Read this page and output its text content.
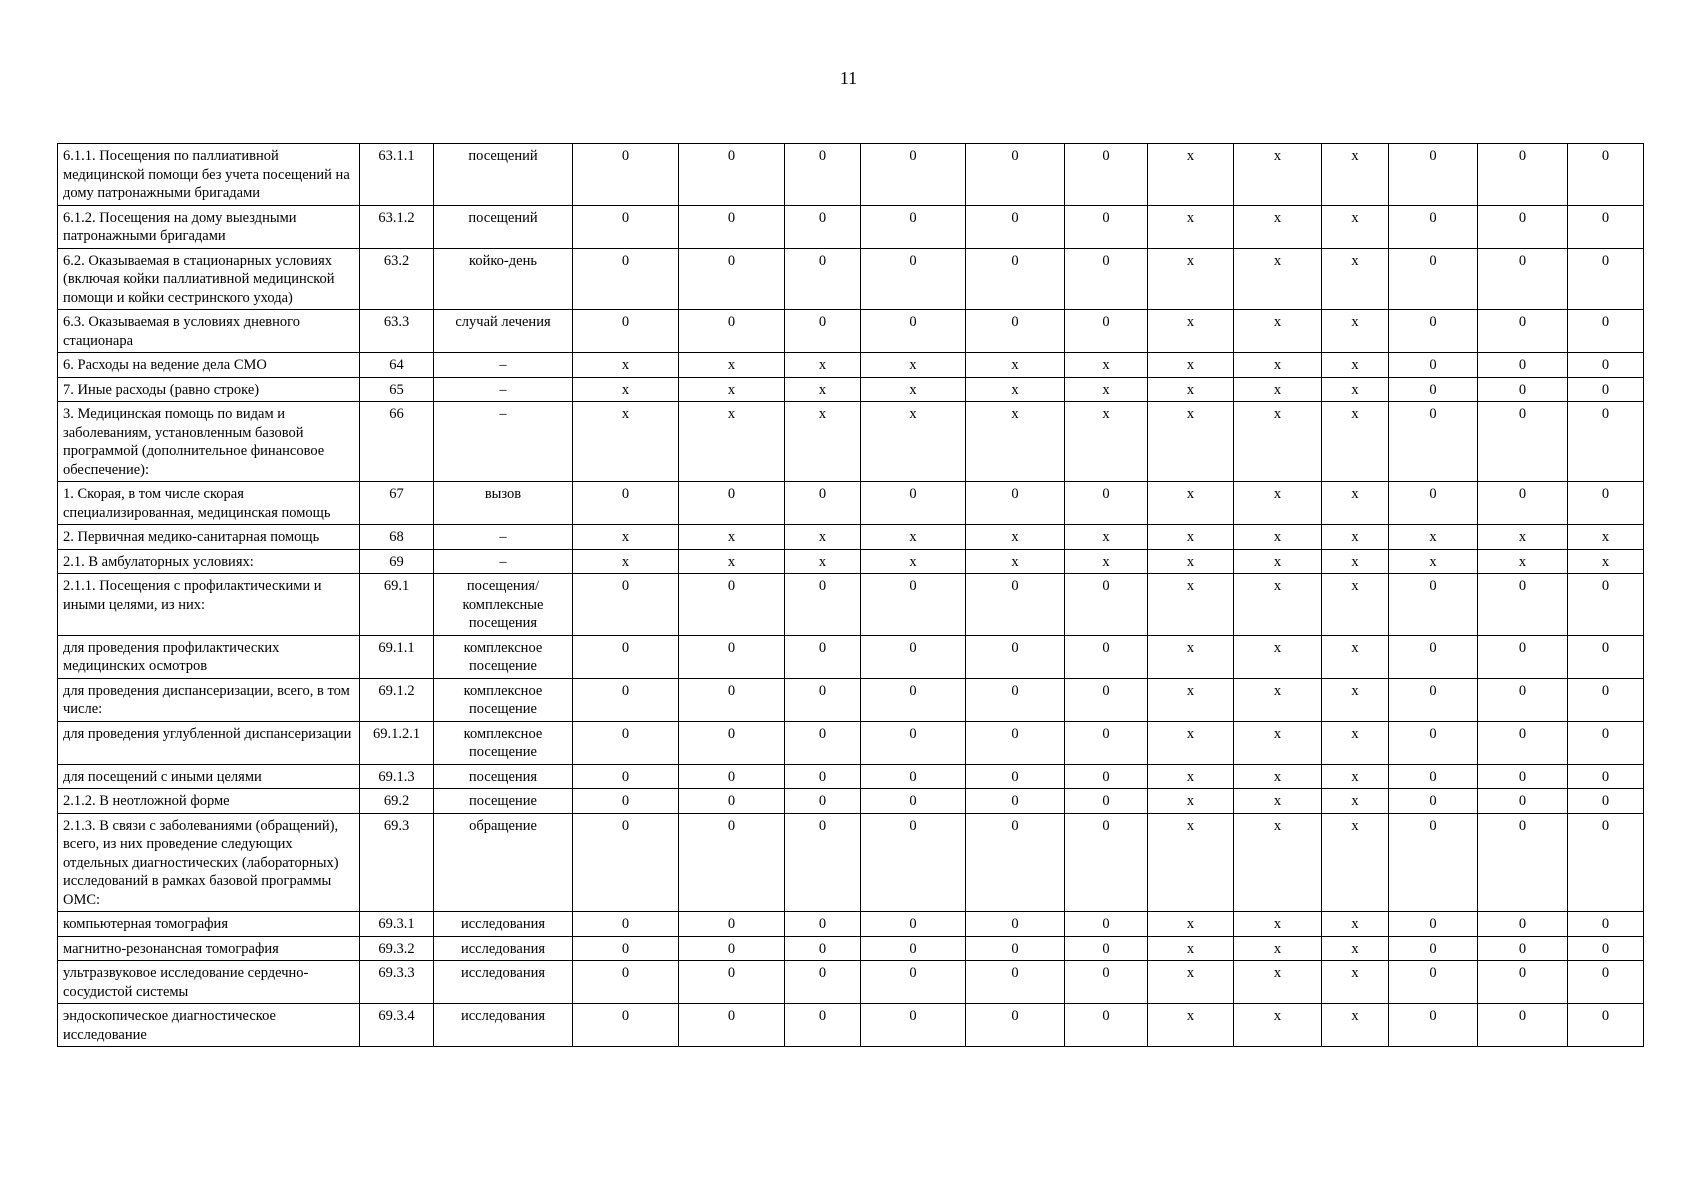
11
6.1.1. Посещения по паллиативной медицинской помощи без учета посещений на дому патронажными бригадами	63.1.1	посещений	0	0	0	0	0	0	х	х	х	0	0	0
6.1.2. Посещения на дому выездными патронажными бригадами	63.1.2	посещений	0	0	0	0	0	0	х	х	х	0	0	0
6.2. Оказываемая в стационарных условиях (включая койки паллиативной медицинской помощи и койки сестринского ухода)	63.2	койко-день	0	0	0	0	0	0	х	х	х	0	0	0
6.3. Оказываемая в условиях дневного стационара	63.3	случай лечения	0	0	0	0	0	0	х	х	х	0	0	0
6. Расходы на ведение дела СМО	64	–	х	х	х	х	х	х	х	х	х	0	0	0
7. Иные расходы (равно строке)	65	–	х	х	х	х	х	х	х	х	х	0	0	0
3. Медицинская помощь по видам и заболеваниям, установленным базовой программой (дополнительное финансовое обеспечение):	66	–	х	х	х	х	х	х	х	х	х	0	0	0
1. Скорая, в том числе скорая специализированная, медицинская помощь	67	вызов	0	0	0	0	0	0	х	х	х	0	0	0
2. Первичная медико-санитарная помощь	68	–	х	х	х	х	х	х	х	х	х	х	х	х
2.1. В амбулаторных условиях:	69	–	х	х	х	х	х	х	х	х	х	х	х	х
2.1.1. Посещения с профилактическими и иными целями, из них:	69.1	посещения/ комплексные посещения	0	0	0	0	0	0	х	х	х	0	0	0
для проведения профилактических медицинских осмотров	69.1.1	комплексное посещение	0	0	0	0	0	0	х	х	х	0	0	0
для проведения диспансеризации, всего, в том числе:	69.1.2	комплексное посещение	0	0	0	0	0	0	х	х	х	0	0	0
для проведения углубленной диспансеризации	69.1.2.1	комплексное посещение	0	0	0	0	0	0	х	х	х	0	0	0
для посещений с иными целями	69.1.3	посещения	0	0	0	0	0	0	х	х	х	0	0	0
2.1.2. В неотложной форме	69.2	посещение	0	0	0	0	0	0	х	х	х	0	0	0
2.1.3. В связи с заболеваниями (обращений), всего, из них проведение следующих отдельных диагностических (лабораторных) исследований в рамках базовой программы ОМС:	69.3	обращение	0	0	0	0	0	0	х	х	х	0	0	0
компьютерная томография	69.3.1	исследования	0	0	0	0	0	0	х	х	х	0	0	0
магнитно-резонансная томография	69.3.2	исследования	0	0	0	0	0	0	х	х	х	0	0	0
ультразвуковое исследование сердечно-сосудистой системы	69.3.3	исследования	0	0	0	0	0	0	х	х	х	0	0	0
эндоскопическое диагностическое исследование	69.3.4	исследования	0	0	0	0	0	0	х	х	х	0	0	0
